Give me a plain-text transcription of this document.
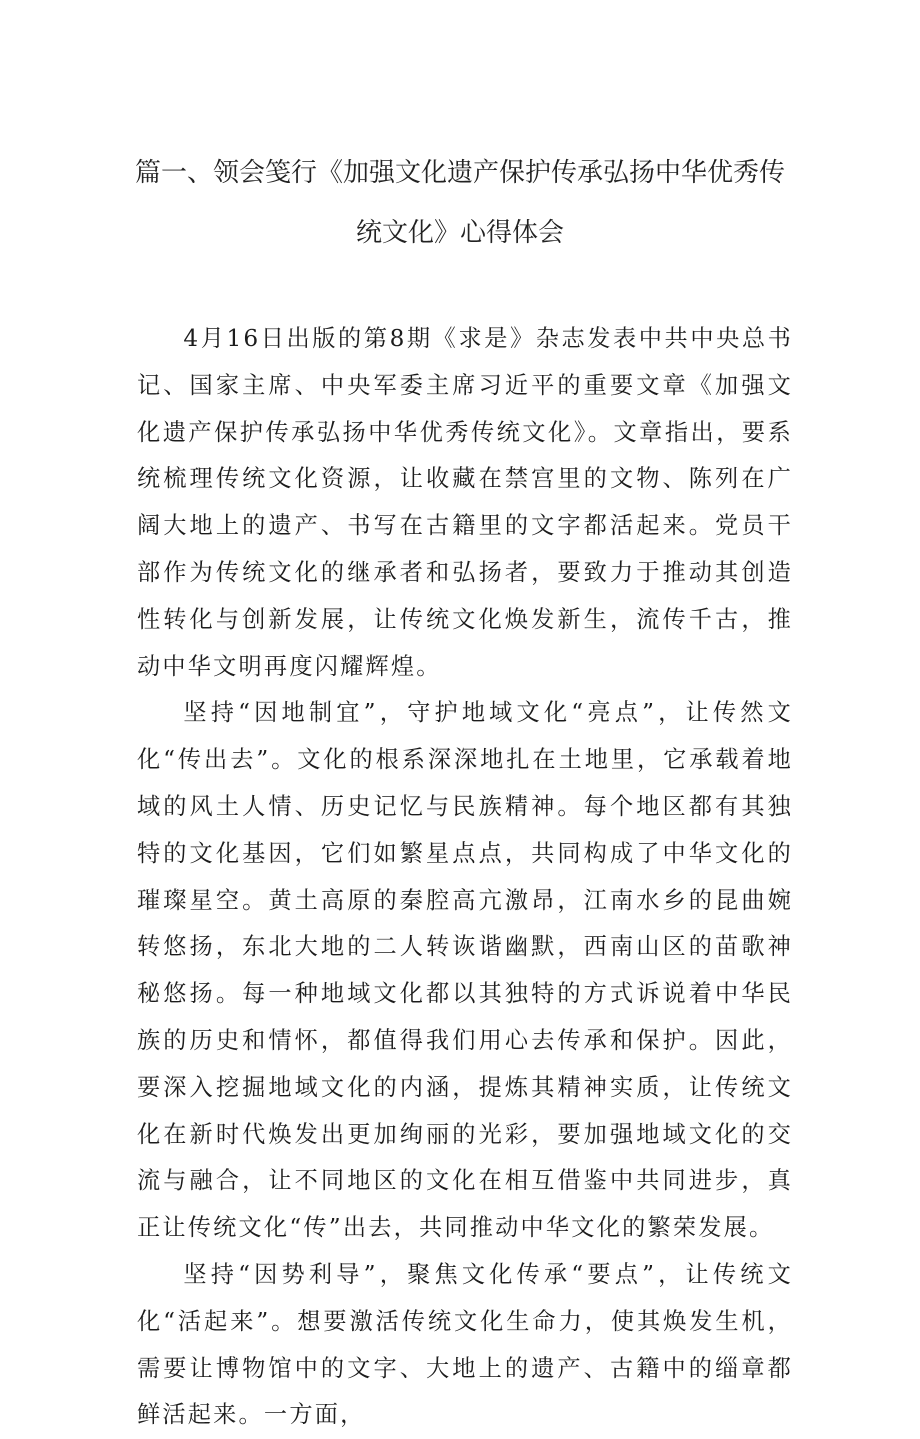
篇一、领会笺行《加强文化遗产保护传承弘扬中华优秀传
统文化》心得体会

4月16日出版的第8期《求是》杂志发表中共中央总书记、国家主席、中央军委主席习近平的重要文章《加强文化遗产保护传承弘扬中华优秀传统文化》。文章指出，要系统梳理传统文化资源，让收藏在禁宫里的文物、陈列在广阔大地上的遗产、书写在古籍里的文字都活起来。党员干部作为传统文化的继承者和弘扬者，要致力于推动其创造性转化与创新发展，让传统文化焕发新生，流传千古，推动中华文明再度闪耀辉煌。

坚持“因地制宜”，守护地域文化“亮点”，让传然文化“传出去”。文化的根系深深地扎在土地里，它承载着地域的风土人情、历史记忆与民族精神。每个地区都有其独特的文化基因，它们如繁星点点，共同构成了中华文化的璀璨星空。黄土高原的秦腔高亢激昂，江南水乡的昆曲婉转悠扬，东北大地的二人转诙谐幽默，西南山区的苗歌神秘悠扬。每一种地域文化都以其独特的方式诉说着中华民族的历史和情怀，都值得我们用心去传承和保护。因此，要深入挖掘地域文化的内涵，提炼其精神实质，让传统文化在新时代焕发出更加绚丽的光彩，要加强地域文化的交流与融合，让不同地区的文化在相互借鉴中共同进步，真正让传统文化“传”出去，共同推动中华文化的繁荣发展。

坚持“因势利导”，聚焦文化传承“要点”，让传统文化“活起来”。想要激活传统文化生命力，使其焕发生机，需要让博物馆中的文字、大地上的遗产、古籍中的缁章都鲜活起来。一方面，
